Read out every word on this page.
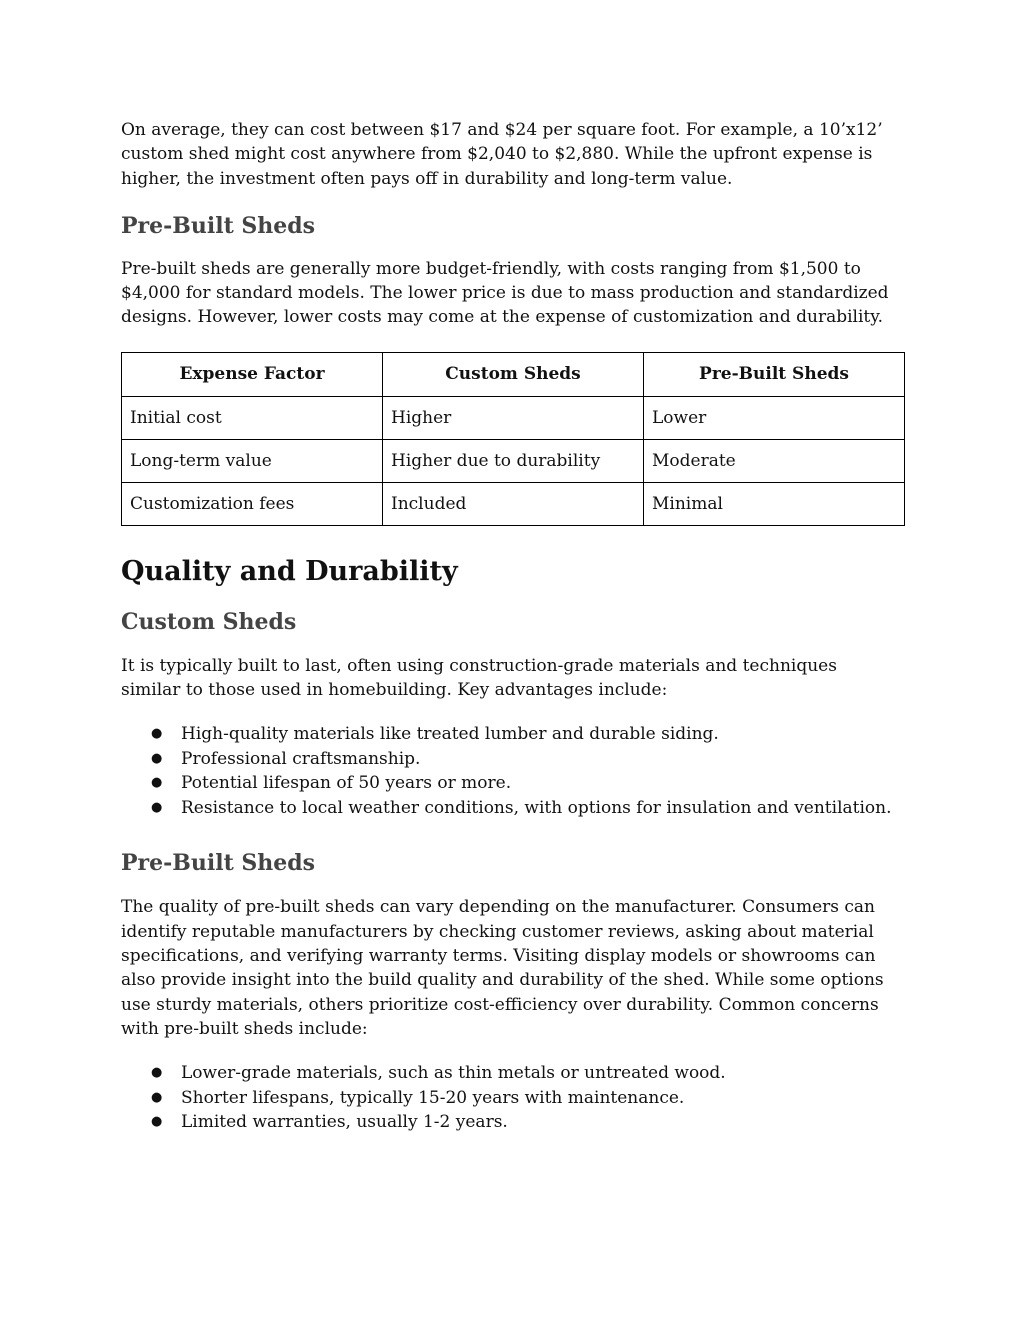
On average, they can cost between $17 and $24 per square foot. For example, a 10’x12’ custom shed might cost anywhere from $2,040 to $2,880. While the upfront expense is higher, the investment often pays off in durability and long-term value.

Pre-Built Sheds

Pre-built sheds are generally more budget-friendly, with costs ranging from $1,500 to $4,000 for standard models. The lower price is due to mass production and standardized designs. However, lower costs may come at the expense of customization and durability.

Expense Factor	Custom Sheds	Pre-Built Sheds
Initial cost	Higher	Lower
Long-term value	Higher due to durability	Moderate
Customization fees	Included	Minimal
Quality and Durability
Custom Sheds

It is typically built to last, often using construction-grade materials and techniques similar to those used in homebuilding. Key advantages include:

● High-quality materials like treated lumber and durable siding.
● Professional craftsmanship.
● Potential lifespan of 50 years or more.
● Resistance to local weather conditions, with options for insulation and ventilation.
Pre-Built Sheds

The quality of pre-built sheds can vary depending on the manufacturer. Consumers can identify reputable manufacturers by checking customer reviews, asking about material specifications, and verifying warranty terms. Visiting display models or showrooms can also provide insight into the build quality and durability of the shed. While some options use sturdy materials, others prioritize cost-efficiency over durability. Common concerns with pre-built sheds include:

● Lower-grade materials, such as thin metals or untreated wood.
● Shorter lifespans, typically 15-20 years with maintenance.
● Limited warranties, usually 1-2 years.
